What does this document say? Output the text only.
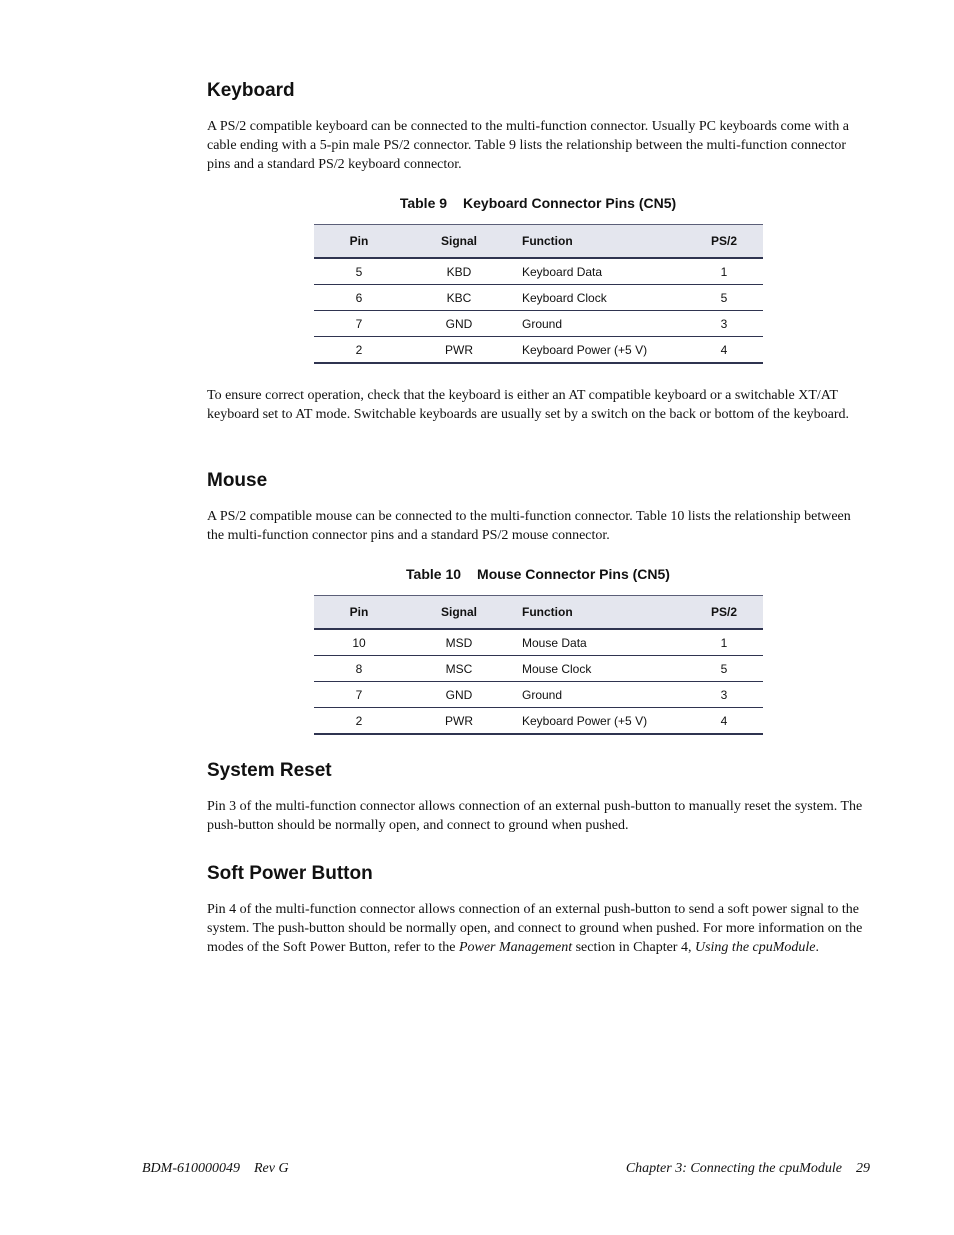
Keyboard

A PS/2 compatible keyboard can be connected to the multi-function connector. Usually PC keyboards come with a cable ending with a 5-pin male PS/2 connector. Table 9 lists the relationship between the multi-function connector pins and a standard PS/2 keyboard connector.

Table 9 Keyboard Connector Pins (CN5)
Pin	Signal	Function	PS/2
5	KBD	Keyboard Data	1
6	KBC	Keyboard Clock	5
7	GND	Ground	3
2	PWR	Keyboard Power (+5 V)	4

To ensure correct operation, check that the keyboard is either an AT compatible keyboard or a switchable XT/AT keyboard set to AT mode. Switchable keyboards are usually set by a switch on the back or bottom of the keyboard.

Mouse

A PS/2 compatible mouse can be connected to the multi-function connector. Table 10 lists the relationship between the multi-function connector pins and a standard PS/2 mouse connector.

Table 10 Mouse Connector Pins (CN5)
Pin	Signal	Function	PS/2
10	MSD	Mouse Data	1
8	MSC	Mouse Clock	5
7	GND	Ground	3
2	PWR	Keyboard Power (+5 V)	4
System Reset

Pin 3 of the multi-function connector allows connection of an external push-button to manually reset the system. The push-button should be normally open, and connect to ground when pushed.

Soft Power Button

Pin 4 of the multi-function connector allows connection of an external push-button to send a soft power signal to the system. The push-button should be normally open, and connect to ground when pushed. For more information on the modes of the Soft Power Button, refer to the Power Management section in Chapter 4, Using the cpuModule.

BDM-610000049 Rev G	Chapter 3: Connecting the cpuModule 29
